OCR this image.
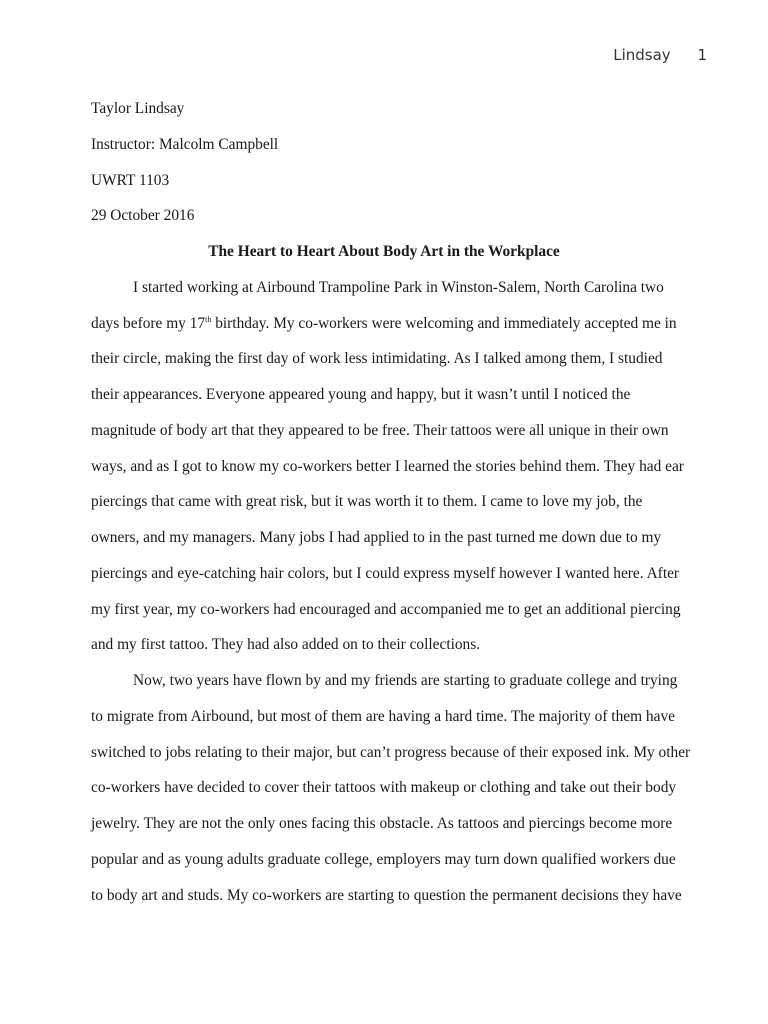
Lindsay 1
Taylor Lindsay
Instructor: Malcolm Campbell
UWRT 1103
29 October 2016
The Heart to Heart About Body Art in the Workplace
I started working at Airbound Trampoline Park in Winston-Salem, North Carolina two
days before my 17th birthday. My co-workers were welcoming and immediately accepted me in
their circle, making the first day of work less intimidating. As I talked among them, I studied
their appearances. Everyone appeared young and happy, but it wasn’t until I noticed the
magnitude of body art that they appeared to be free. Their tattoos were all unique in their own
ways, and as I got to know my co-workers better I learned the stories behind them. They had ear
piercings that came with great risk, but it was worth it to them. I came to love my job, the
owners, and my managers. Many jobs I had applied to in the past turned me down due to my
piercings and eye-catching hair colors, but I could express myself however I wanted here. After
my first year, my co-workers had encouraged and accompanied me to get an additional piercing
and my first tattoo. They had also added on to their collections.
Now, two years have flown by and my friends are starting to graduate college and trying
to migrate from Airbound, but most of them are having a hard time. The majority of them have
switched to jobs relating to their major, but can’t progress because of their exposed ink. My other
co-workers have decided to cover their tattoos with makeup or clothing and take out their body
jewelry. They are not the only ones facing this obstacle. As tattoos and piercings become more
popular and as young adults graduate college, employers may turn down qualified workers due
to body art and studs. My co-workers are starting to question the permanent decisions they have
